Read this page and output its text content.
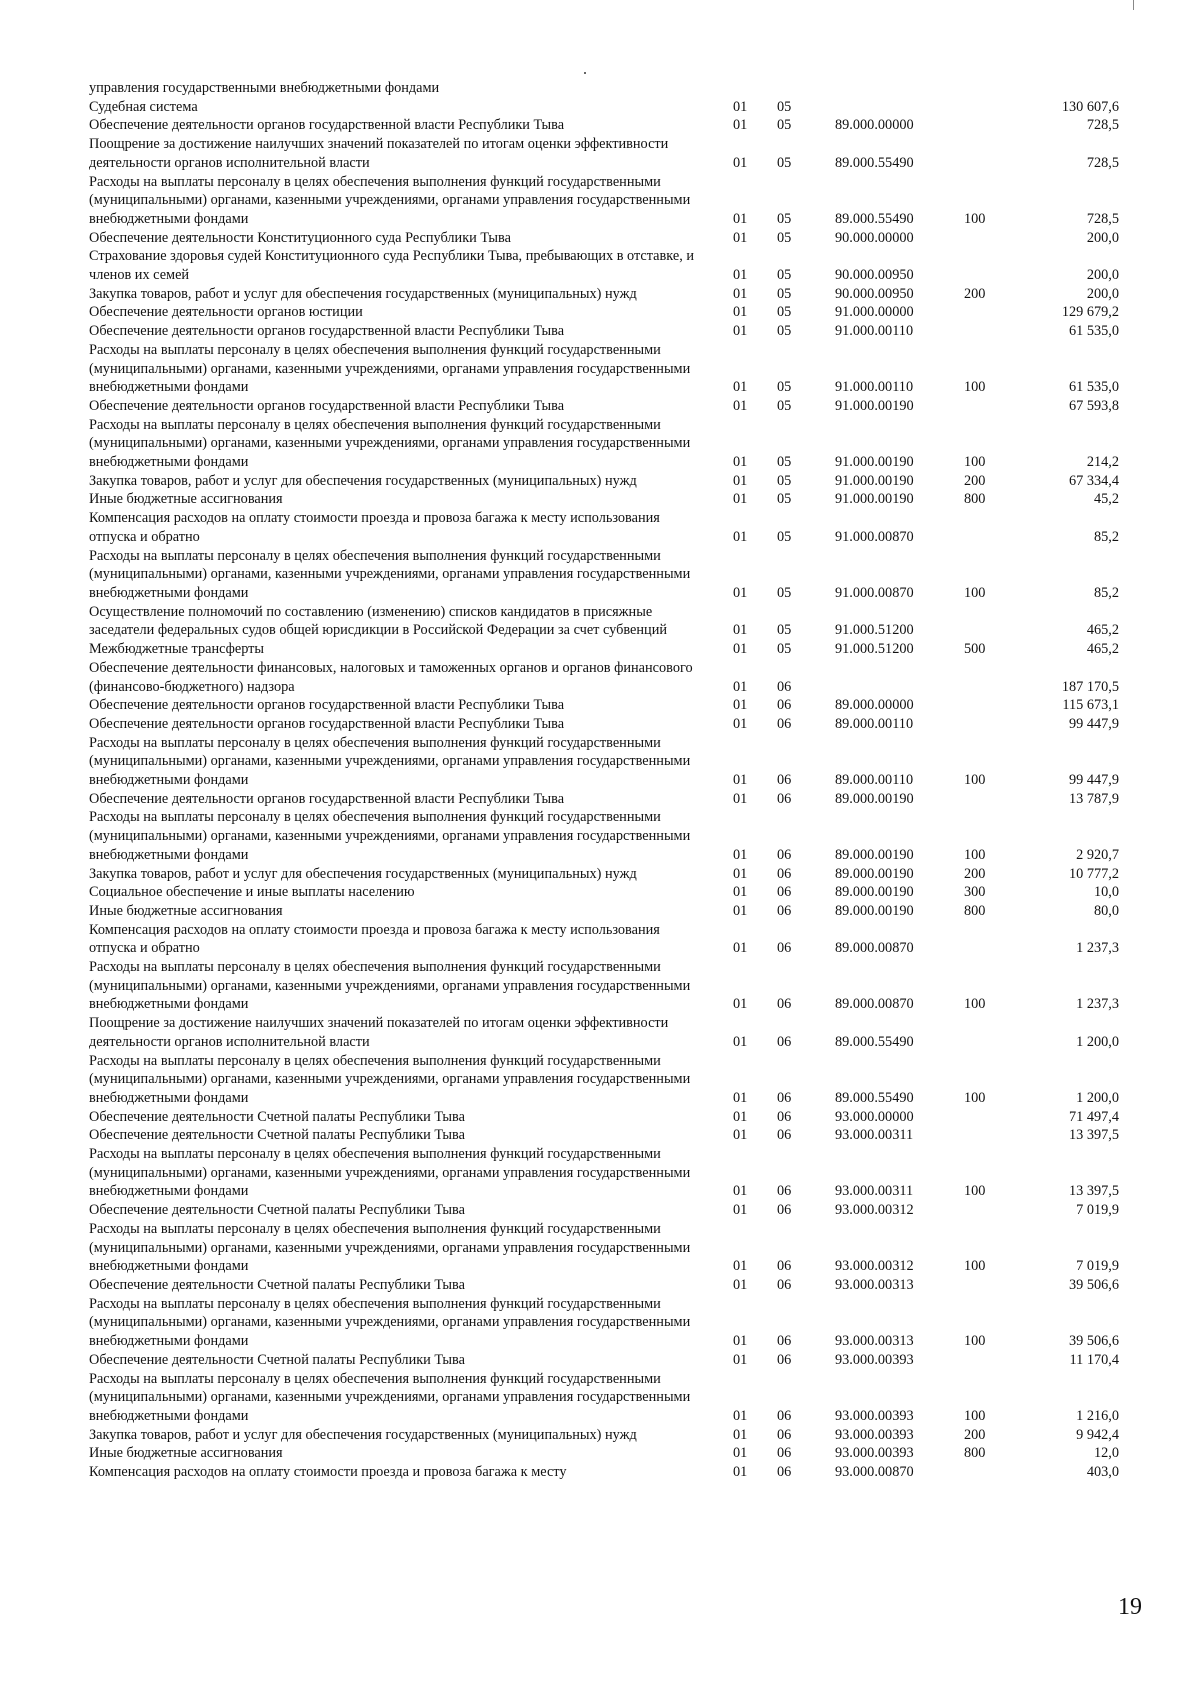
управления государственными внебюджетными фондами					
Судебная система	01	05			130 607,6
Обеспечение деятельности органов государственной власти Республики Тыва	01	05	89.000.00000		728,5
Поощрение за достижение наилучших значений показателей по итогам оценки эффективности деятельности органов исполнительной власти	01	05	89.000.55490		728,5
Расходы на выплаты персоналу в целях обеспечения выполнения функций государственными (муниципальными) органами, казенными учреждениями, органами управления государственными внебюджетными фондами	01	05	89.000.55490	100	728,5
Обеспечение деятельности Конституционного суда Республики Тыва	01	05	90.000.00000		200,0
Страхование здоровья судей Конституционного суда Республики Тыва, пребывающих в отставке, и членов их семей	01	05	90.000.00950		200,0
Закупка товаров, работ и услуг для обеспечения государственных (муниципальных) нужд	01	05	90.000.00950	200	200,0
Обеспечение деятельности органов юстиции	01	05	91.000.00000		129 679,2
Обеспечение деятельности органов государственной власти Республики Тыва	01	05	91.000.00110		61 535,0
Расходы на выплаты персоналу в целях обеспечения выполнения функций государственными (муниципальными) органами, казенными учреждениями, органами управления государственными внебюджетными фондами	01	05	91.000.00110	100	61 535,0
Обеспечение деятельности органов государственной власти Республики Тыва	01	05	91.000.00190		67 593,8
Расходы на выплаты персоналу в целях обеспечения выполнения функций государственными (муниципальными) органами, казенными учреждениями, органами управления государственными внебюджетными фондами	01	05	91.000.00190	100	214,2
Закупка товаров, работ и услуг для обеспечения государственных (муниципальных) нужд	01	05	91.000.00190	200	67 334,4
Иные бюджетные ассигнования	01	05	91.000.00190	800	45,2
Компенсация расходов на оплату стоимости проезда и провоза багажа к месту использования отпуска и обратно	01	05	91.000.00870		85,2
Расходы на выплаты персоналу в целях обеспечения выполнения функций государственными (муниципальными) органами, казенными учреждениями, органами управления государственными внебюджетными фондами	01	05	91.000.00870	100	85,2
Осуществление полномочий по составлению (изменению) списков кандидатов в присяжные заседатели федеральных судов общей юрисдикции в Российской Федерации за счет субвенций	01	05	91.000.51200		465,2
Межбюджетные трансферты	01	05	91.000.51200	500	465,2
Обеспечение деятельности финансовых, налоговых и таможенных органов и органов финансового (финансово-бюджетного) надзора	01	06			187 170,5
Обеспечение деятельности органов государственной власти Республики Тыва	01	06	89.000.00000		115 673,1
Обеспечение деятельности органов государственной власти Республики Тыва	01	06	89.000.00110		99 447,9
Расходы на выплаты персоналу в целях обеспечения выполнения функций государственными (муниципальными) органами, казенными учреждениями, органами управления государственными внебюджетными фондами	01	06	89.000.00110	100	99 447,9
Обеспечение деятельности органов государственной власти Республики Тыва	01	06	89.000.00190		13 787,9
Расходы на выплаты персоналу в целях обеспечения выполнения функций государственными (муниципальными) органами, казенными учреждениями, органами управления государственными внебюджетными фондами	01	06	89.000.00190	100	2 920,7
Закупка товаров, работ и услуг для обеспечения государственных (муниципальных) нужд	01	06	89.000.00190	200	10 777,2
Социальное обеспечение и иные выплаты населению	01	06	89.000.00190	300	10,0
Иные бюджетные ассигнования	01	06	89.000.00190	800	80,0
Компенсация расходов на оплату стоимости проезда и провоза багажа к месту использования отпуска и обратно	01	06	89.000.00870		1 237,3
Расходы на выплаты персоналу в целях обеспечения выполнения функций государственными (муниципальными) органами, казенными учреждениями, органами управления государственными внебюджетными фондами	01	06	89.000.00870	100	1 237,3
Поощрение за достижение наилучших значений показателей по итогам оценки эффективности деятельности органов исполнительной власти	01	06	89.000.55490		1 200,0
Расходы на выплаты персоналу в целях обеспечения выполнения функций государственными (муниципальными) органами, казенными учреждениями, органами управления государственными внебюджетными фондами	01	06	89.000.55490	100	1 200,0
Обеспечение деятельности Счетной палаты Республики Тыва	01	06	93.000.00000		71 497,4
Обеспечение деятельности Счетной палаты Республики Тыва	01	06	93.000.00311		13 397,5
Расходы на выплаты персоналу в целях обеспечения выполнения функций государственными (муниципальными) органами, казенными учреждениями, органами управления государственными внебюджетными фондами	01	06	93.000.00311	100	13 397,5
Обеспечение деятельности Счетной палаты Республики Тыва	01	06	93.000.00312		7 019,9
Расходы на выплаты персоналу в целях обеспечения выполнения функций государственными (муниципальными) органами, казенными учреждениями, органами управления государственными внебюджетными фондами	01	06	93.000.00312	100	7 019,9
Обеспечение деятельности Счетной палаты Республики Тыва	01	06	93.000.00313		39 506,6
Расходы на выплаты персоналу в целях обеспечения выполнения функций государственными (муниципальными) органами, казенными учреждениями, органами управления государственными внебюджетными фондами	01	06	93.000.00313	100	39 506,6
Обеспечение деятельности Счетной палаты Республики Тыва	01	06	93.000.00393		11 170,4
Расходы на выплаты персоналу в целях обеспечения выполнения функций государственными (муниципальными) органами, казенными учреждениями, органами управления государственными внебюджетными фондами	01	06	93.000.00393	100	1 216,0
Закупка товаров, работ и услуг для обеспечения государственных (муниципальных) нужд	01	06	93.000.00393	200	9 942,4
Иные бюджетные ассигнования	01	06	93.000.00393	800	12,0
Компенсация расходов на оплату стоимости проезда и провоза багажа к месту	01	06	93.000.00870		403,0
19
